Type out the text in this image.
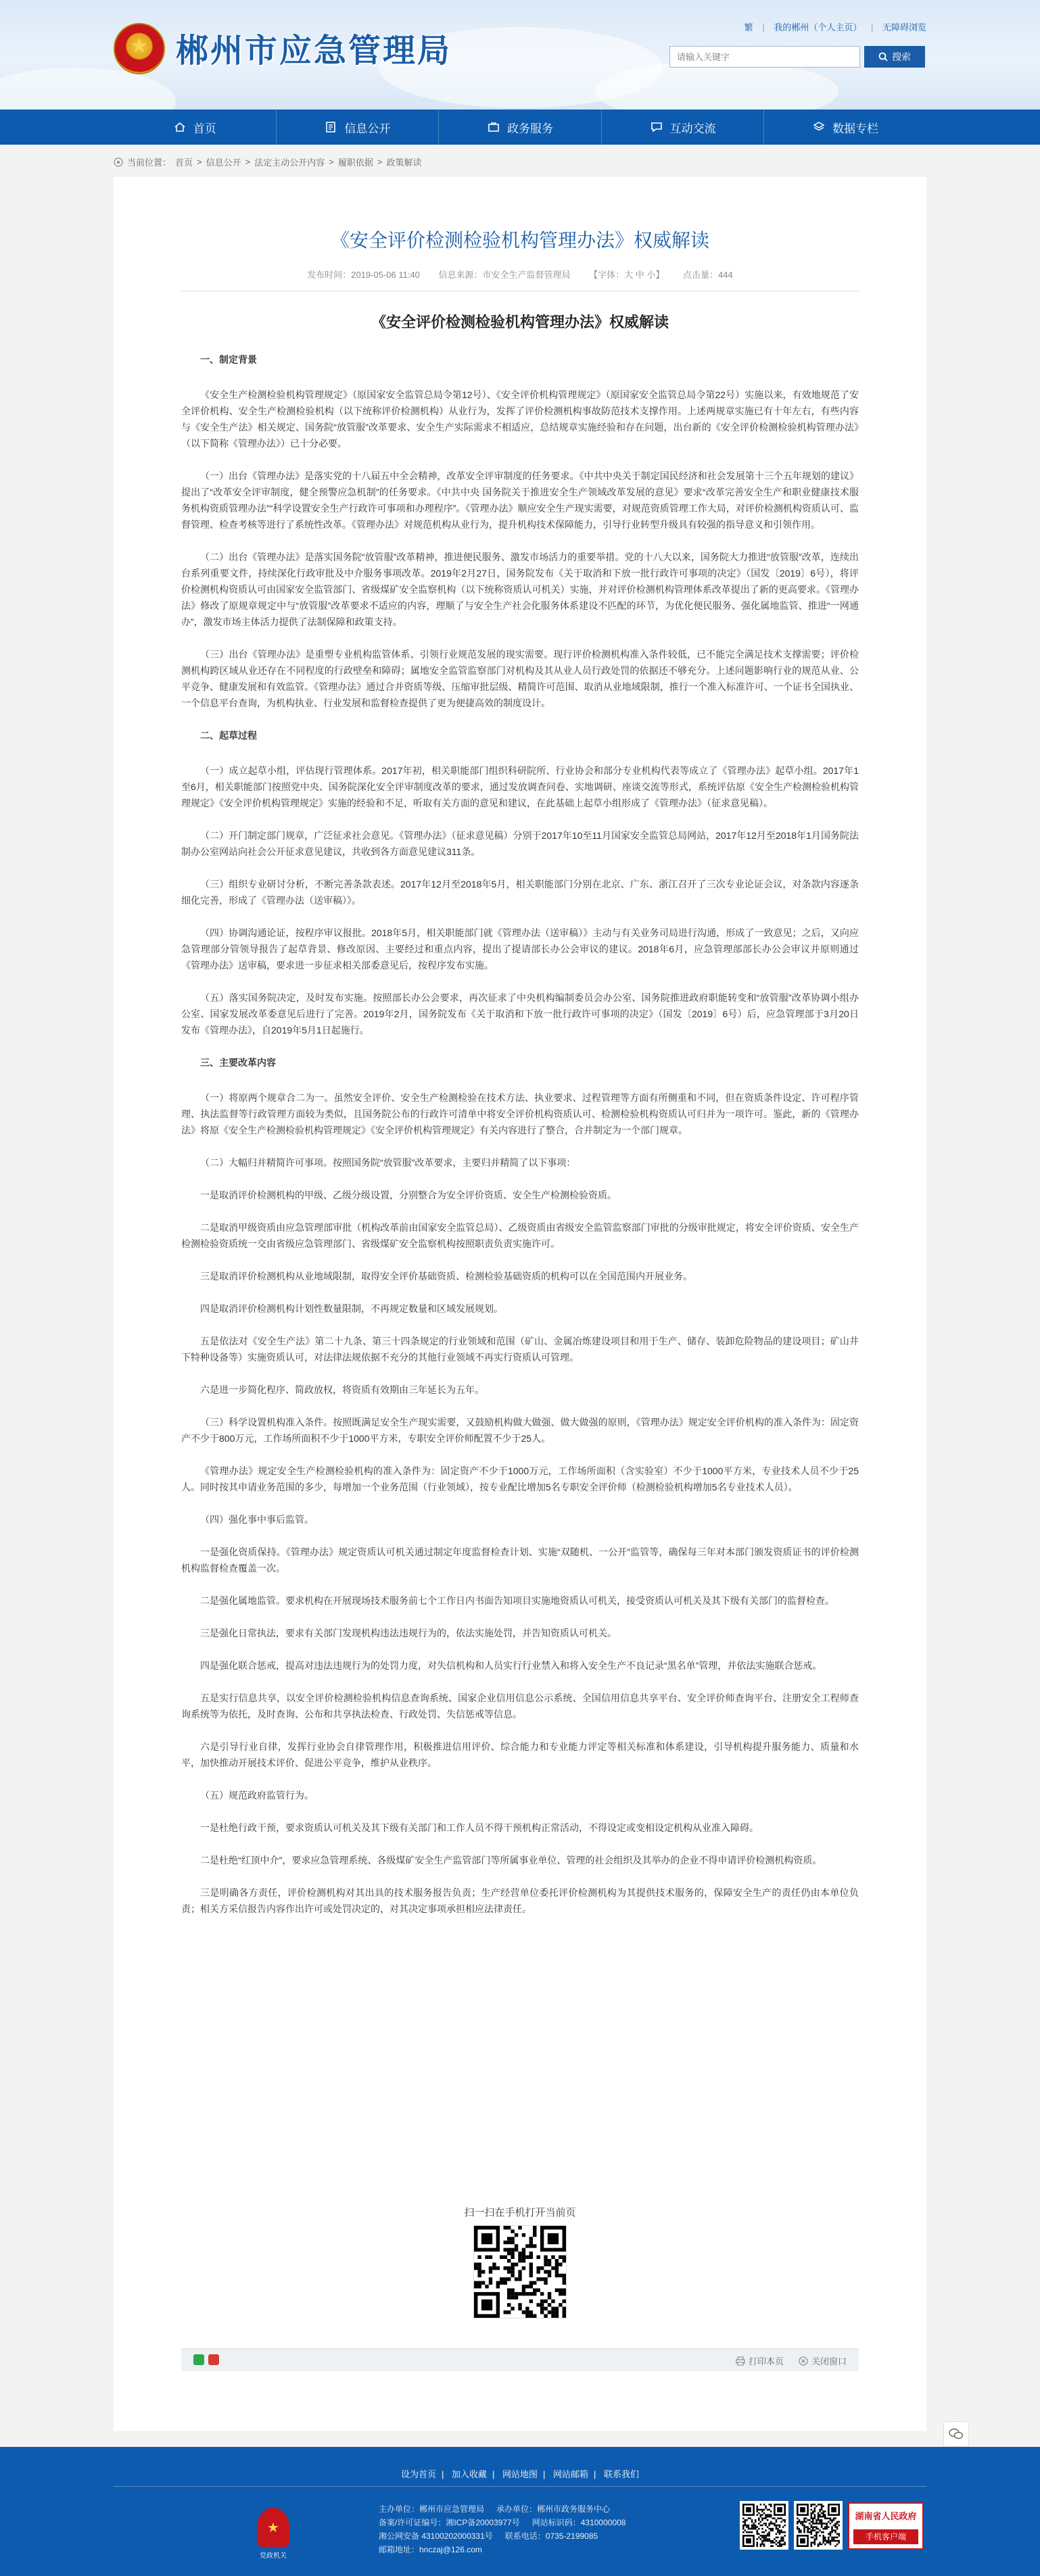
★ 郴州市应急管理局
繁 | 我的郴州（个人主页） | 无障碍浏览
请输入关键字
搜索
首页	信息公开	政务服务	互动交流	数据专栏
当前位置： 首页 > 信息公开 > 法定主动公开内容 > 履职依据 > 政策解读
《安全评价检测检验机构管理办法》权威解读
发布时间：2019-05-06 11:40 信息来源：市安全生产监督管理局 【字体：大 中 小】 点击量：444
《安全评价检测检验机构管理办法》权威解读
一、制定背景

《安全生产检测检验机构管理规定》（原国家安全监管总局令第12号）、《安全评价机构管理规定》（原国家安全监管总局令第22号）实施以来，有效地规范了安全评价机构、安全生产检测检验机构（以下统称评价检测机构）从业行为，发挥了评价检测机构事故防范技术支撑作用。上述两规章实施已有十年左右，有些内容与《安全生产法》相关规定、国务院“放管服”改革要求、安全生产实际需求不相适应，总结规章实施经验和存在问题，出台新的《安全评价检测检验机构管理办法》（以下简称《管理办法》）已十分必要。

（一）出台《管理办法》是落实党的十八届五中全会精神，改革安全评审制度的任务要求。《中共中央关于制定国民经济和社会发展第十三个五年规划的建议》提出了“改革安全评审制度，健全预警应急机制”的任务要求。《中共中央 国务院关于推进安全生产领域改革发展的意见》要求“改革完善安全生产和职业健康技术服务机构资质管理办法”“科学设置安全生产行政许可事项和办理程序”。《管理办法》顺应安全生产现实需要，对规范资质管理工作大局，对评价检测机构资质认可、监督管理、检查考核等进行了系统性改革。《管理办法》对规范机构从业行为，提升机构技术保障能力，引导行业转型升级具有较强的指导意义和引领作用。

（二）出台《管理办法》是落实国务院“放管服”改革精神，推进便民服务、激发市场活力的重要举措。党的十八大以来，国务院大力推进“放管服”改革，连续出台系列重要文件，持续深化行政审批及中介服务事项改革。2019年2月27日，国务院发布《关于取消和下放一批行政许可事项的决定》（国发〔2019〕6号），将评价检测机构资质认可由国家安全监管部门、省级煤矿安全监察机构（以下统称资质认可机关）实施，并对评价检测机构管理体系改革提出了新的更高要求。《管理办法》修改了原规章规定中与“放管服”改革要求不适应的内容，理顺了与安全生产社会化服务体系建设不匹配的环节，为优化便民服务、强化属地监管、推进“一网通办”，激发市场主体活力提供了法制保障和政策支持。

（三）出台《管理办法》是重塑专业机构监管体系、引领行业规范发展的现实需要。现行评价检测机构准入条件较低，已不能完全满足技术支撑需要；评价检测机构跨区域从业还存在不同程度的行政壁垒和障碍；属地安全监管监察部门对机构及其从业人员行政处罚的依据还不够充分。上述问题影响行业的规范从业、公平竞争、健康发展和有效监管。《管理办法》通过合并资质等级、压缩审批层级、精简许可范围、取消从业地域限制，推行一个准入标准许可、一个证书全国执业、一个信息平台查询，为机构执业、行业发展和监督检查提供了更为便捷高效的制度设计。

二、起草过程

（一）成立起草小组，评估现行管理体系。2017年初，相关职能部门组织科研院所、行业协会和部分专业机构代表等成立了《管理办法》起草小组。2017年1至6月，相关职能部门按照党中央、国务院深化安全评审制度改革的要求，通过发放调查问卷、实地调研、座谈交流等形式，系统评估原《安全生产检测检验机构管理规定》《安全评价机构管理规定》实施的经验和不足，听取有关方面的意见和建议，在此基础上起草小组形成了《管理办法》（征求意见稿）。

（二）开门制定部门规章，广泛征求社会意见。《管理办法》（征求意见稿）分别于2017年10至11月国家安全监管总局网站，2017年12月至2018年1月国务院法制办公室网站向社会公开征求意见建议，共收到各方面意见建议311条。

（三）组织专业研讨分析，不断完善条款表述。2017年12月至2018年5月，相关职能部门分别在北京、广东、浙江召开了三次专业论证会议，对条款内容逐条细化完善，形成了《管理办法（送审稿）》。

（四）协调沟通论证，按程序审议报批。2018年5月，相关职能部门就《管理办法（送审稿）》主动与有关业务司局进行沟通，形成了一致意见；之后，又向应急管理部分管领导报告了起草背景、修改原因、主要经过和重点内容，提出了提请部长办公会审议的建议。2018年6月，应急管理部部长办公会审议并原则通过《管理办法》送审稿，要求进一步征求相关部委意见后，按程序发布实施。

（五）落实国务院决定，及时发布实施。按照部长办公会要求，再次征求了中央机构编制委员会办公室、国务院推进政府职能转变和“放管服”改革协调小组办公室、国家发展改革委意见后进行了完善。2019年2月，国务院发布《关于取消和下放一批行政许可事项的决定》（国发〔2019〕6号）后，应急管理部于3月20日发布《管理办法》，自2019年5月1日起施行。

三、主要改革内容

（一）将原两个规章合二为一。虽然安全评价、安全生产检测检验在技术方法、执业要求、过程管理等方面有所侧重和不同，但在资质条件设定、许可程序管理、执法监督等行政管理方面较为类似，且国务院公布的行政许可清单中将安全评价机构资质认可、检测检验机构资质认可归并为一项许可。鉴此，新的《管理办法》将原《安全生产检测检验机构管理规定》《安全评价机构管理规定》有关内容进行了整合，合并制定为一个部门规章。

（二）大幅归并精简许可事项。按照国务院“放管服”改革要求，主要归并精简了以下事项：

一是取消评价检测机构的甲级、乙级分级设置，分别整合为安全评价资质、安全生产检测检验资质。

二是取消甲级资质由应急管理部审批（机构改革前由国家安全监管总局）、乙级资质由省级安全监管监察部门审批的分级审批规定，将安全评价资质、安全生产检测检验资质统一交由省级应急管理部门、省级煤矿安全监察机构按照职责负责实施许可。

三是取消评价检测机构从业地域限制，取得安全评价基础资质、检测检验基础资质的机构可以在全国范围内开展业务。

四是取消评价检测机构计划性数量限制，不再规定数量和区域发展规划。

五是依法对《安全生产法》第二十九条、第三十四条规定的行业领域和范围（矿山、金属冶炼建设项目和用于生产、储存、装卸危险物品的建设项目；矿山井下特种设备等）实施资质认可，对法律法规依据不充分的其他行业领域不再实行资质认可管理。

六是进一步简化程序、简政放权，将资质有效期由三年延长为五年。

（三）科学设置机构准入条件。按照既满足安全生产现实需要，又鼓励机构做大做强、做大做强的原则，《管理办法》规定安全评价机构的准入条件为：固定资产不少于800万元，工作场所面积不少于1000平方米，专职安全评价师配置不少于25人。

《管理办法》规定安全生产检测检验机构的准入条件为：固定资产不少于1000万元，工作场所面积（含实验室）不少于1000平方米，专业技术人员不少于25人。同时按其申请业务范围的多少，每增加一个业务范围（行业领域），按专业配比增加5名专职安全评价师（检测检验机构增加5名专业技术人员）。

（四）强化事中事后监管。

一是强化资质保持。《管理办法》规定资质认可机关通过制定年度监督检查计划、实施“双随机、一公开”监管等，确保每三年对本部门颁发资质证书的评价检测机构监督检查覆盖一次。

二是强化属地监管。要求机构在开展现场技术服务前七个工作日内书面告知项目实施地资质认可机关，接受资质认可机关及其下级有关部门的监督检查。

三是强化日常执法，要求有关部门发现机构违法违规行为的，依法实施处罚，并告知资质认可机关。

四是强化联合惩戒，提高对违法违规行为的处罚力度，对失信机构和人员实行行业禁入和将入安全生产不良记录“黑名单”管理，并依法实施联合惩戒。

五是实行信息共享，以安全评价检测检验机构信息查询系统、国家企业信用信息公示系统、全国信用信息共享平台、安全评价师查询平台、注册安全工程师查询系统等为依托，及时查询、公布和共享执法检查、行政处罚、失信惩戒等信息。

六是引导行业自律，发挥行业协会自律管理作用，积极推进信用评价、综合能力和专业能力评定等相关标准和体系建设，引导机构提升服务能力、质量和水平，加快推动开展技术评价、促进公平竞争，维护从业秩序。

（五）规范政府监管行为。

一是杜绝行政干预，要求资质认可机关及其下级有关部门和工作人员不得干预机构正常活动，不得设定或变相设定机构从业准入障碍。

二是杜绝“红顶中介”，要求应急管理系统、各级煤矿安全生产监管部门等所属事业单位、管理的社会组织及其举办的企业不得申请评价检测机构资质。

三是明确各方责任，评价检测机构对其出具的技术服务报告负责；生产经营单位委托评价检测机构为其提供技术服务的，保障安全生产的责任仍由本单位负责；相关方采信报告内容作出许可或处罚决定的，对其决定事项承担相应法律责任。

扫一扫在手机打开当前页
打印本页	关闭窗口
设为首页 | 加入收藏 | 网站地图 | 网站邮箱 | 联系我们
★
党政机关
主办单位：郴州市应急管理局 承办单位：郴州市政务服务中心
备案/许可证编号：湘ICP备20003977号 网站标识码：4310000008
湘公网安备 43100202000331号 联系电话：0735-2199085
邮箱地址：hnczaj@126.com
湖南省人民政府
手机客户端
